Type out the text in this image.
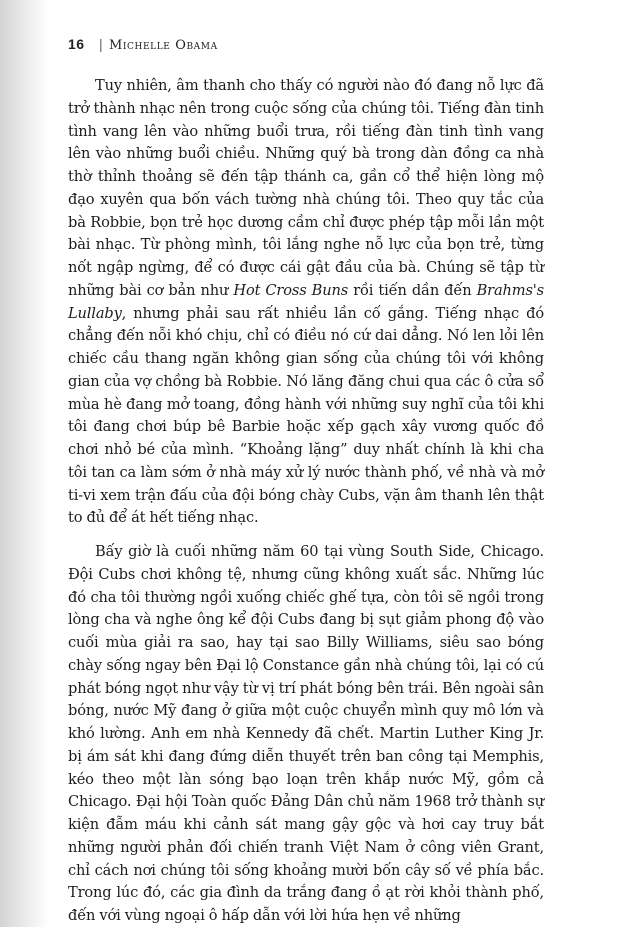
16 | Michelle Obama

Tuy nhiên, âm thanh cho thấy có người nào đó đang nỗ lực đã trở thành nhạc nên trong cuộc sống của chúng tôi. Tiếng đàn tinh tình vang lên vào những buổi trưa, rồi tiếng đàn tinh tình vang lên vào những buổi chiều. Những quý bà trong dàn đồng ca nhà thờ thỉnh thoảng sẽ đến tập thánh ca, gần cổ thể hiện lòng mộ đạo xuyên qua bốn vách tường nhà chúng tôi. Theo quy tắc của bà Robbie, bọn trẻ học dương cầm chỉ được phép tập mỗi lần một bài nhạc. Từ phòng mình, tôi lắng nghe nỗ lực của bọn trẻ, từng nốt ngập ngừng, để có được cái gật đầu của bà. Chúng sẽ tập từ những bài cơ bản như Hot Cross Buns rồi tiến dần đến Brahms's Lullaby, nhưng phải sau rất nhiều lần cố gắng. Tiếng nhạc đó chẳng đến nỗi khó chịu, chỉ có điều nó cứ dai dẳng. Nó len lỏi lên chiếc cầu thang ngăn không gian sống của chúng tôi với không gian của vợ chồng bà Robbie. Nó lăng đăng chui qua các ô cửa sổ mùa hè đang mở toang, đồng hành với những suy nghĩ của tôi khi tôi đang chơi búp bê Barbie hoặc xếp gạch xây vương quốc đồ chơi nhỏ bé của mình. “Khoảng lặng” duy nhất chính là khi cha tôi tan ca làm sớm ở nhà máy xử lý nước thành phố, về nhà và mở ti-vi xem trận đấu của đội bóng chày Cubs, vặn âm thanh lên thật to đủ để át hết tiếng nhạc.

Bấy giờ là cuối những năm 60 tại vùng South Side, Chicago. Đội Cubs chơi không tệ, nhưng cũng không xuất sắc. Những lúc đó cha tôi thường ngồi xuống chiếc ghế tựa, còn tôi sẽ ngồi trong lòng cha và nghe ông kể đội Cubs đang bị sụt giảm phong độ vào cuối mùa giải ra sao, hay tại sao Billy Williams, siêu sao bóng chày sống ngay bên Đại lộ Constance gần nhà chúng tôi, lại có cú phát bóng ngọt như vậy từ vị trí phát bóng bên trái. Bên ngoài sân bóng, nước Mỹ đang ở giữa một cuộc chuyển mình quy mô lớn và khó lường. Anh em nhà Kennedy đã chết. Martin Luther King Jr. bị ám sát khi đang đứng diễn thuyết trên ban công tại Memphis, kéo theo một làn sóng bạo loạn trên khắp nước Mỹ, gồm cả Chicago. Đại hội Toàn quốc Đảng Dân chủ năm 1968 trở thành sự kiện đẫm máu khi cảnh sát mang gậy gộc và hơi cay truy bắt những người phản đối chiến tranh Việt Nam ở công viên Grant, chỉ cách nơi chúng tôi sống khoảng mười bốn cây số về phía bắc. Trong lúc đó, các gia đình da trắng đang ồ ạt rời khỏi thành phố, đến với vùng ngoại ô hấp dẫn với lời hứa hẹn về những
